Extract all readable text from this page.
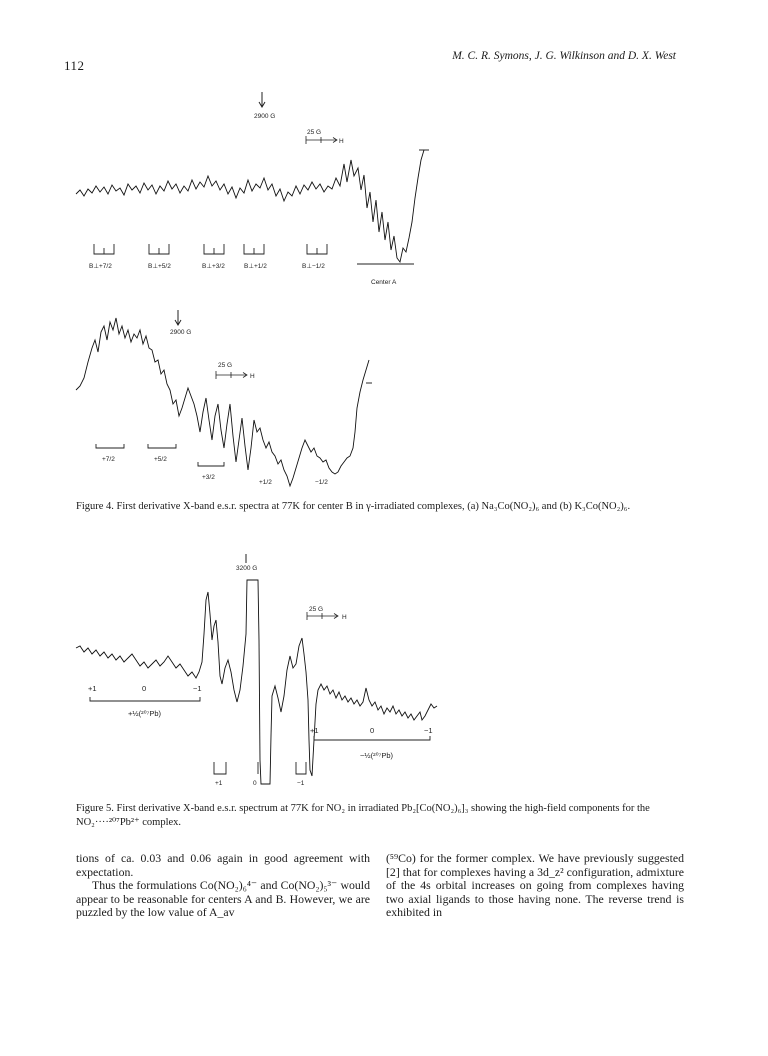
112
M. C. R. Symons, J. G. Wilkinson and D. X. West
2900 G
25 G
H
B⊥+7/2	B⊥+5/2	B⊥+3/2	B⊥+1/2	B⊥−1/2
Center A
2900 G
25 G
H
+7/2	+5/2
+3/2
+1/2	−1/2
Figure 4. First derivative X-band e.s.r. spectra at 77K for center B in γ-irradiated complexes, (a) Na₃Co(NO₂)₆ and (b) K₃Co(NO₂)₆.
3200 G
25 G
H
+1	0	−1
+½(²⁰⁷Pb)
+1	0	−1
−½(²⁰⁷Pb)
+1	0	−1
Figure 5. First derivative X-band e.s.r. spectrum at 77K for NO₂ in irradiated Pb₂[Co(NO₂)₆]₃ showing the high-field components for the NO₂····²⁰⁷Pb²⁺ complex.

tions of ca. 0.03 and 0.06 again in good agreement with expectation.

Thus the formulations Co(NO₂)₆⁴⁻ and Co(NO₂)₅³⁻ would appear to be reasonable for centers A and B. However, we are puzzled by the low value of A_av

(⁵⁹Co) for the former complex. We have previously suggested [2] that for complexes having a 3d_z² configuration, admixture of the 4s orbital increases on going from complexes having two axial ligands to those having none. The reverse trend is exhibited in
